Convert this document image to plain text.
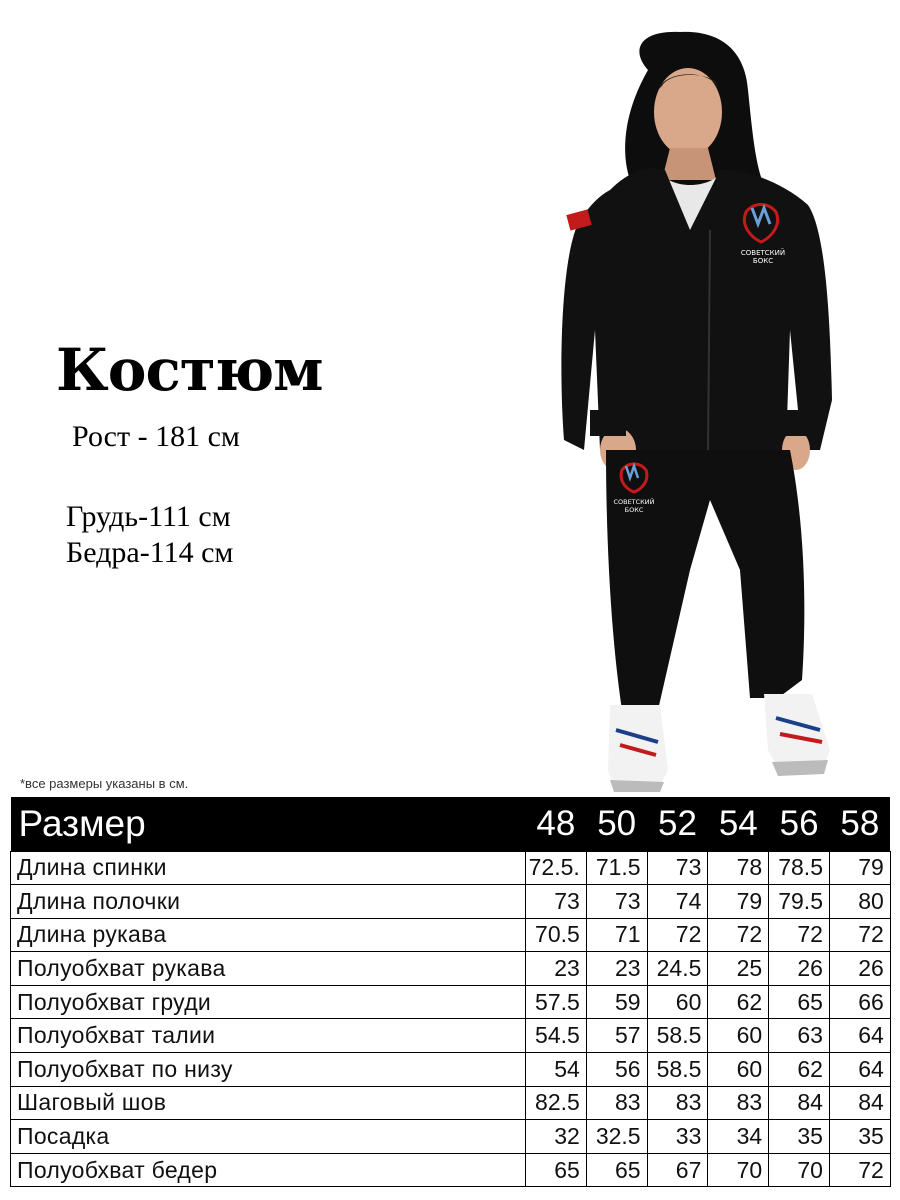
Костюм
Рост - 181 см
Грудь-111 см
Бедра-114 см
СОВЕТСКИЙ
БОКС
СОВЕТСКИЙ
БОКС
*все размеры указаны в см.
Размер	48	50	52	54	56	58
Длина спинки	72.5.	71.5	73	78	78.5	79
Длина полочки	73	73	74	79	79.5	80
Длина рукава	70.5	71	72	72	72	72
Полуобхват рукава	23	23	24.5	25	26	26
Полуобхват груди	57.5	59	60	62	65	66
Полуобхват талии	54.5	57	58.5	60	63	64
Полуобхват по низу	54	56	58.5	60	62	64
Шаговый шов	82.5	83	83	83	84	84
Посадка	32	32.5	33	34	35	35
Полуобхват бедер	65	65	67	70	70	72
